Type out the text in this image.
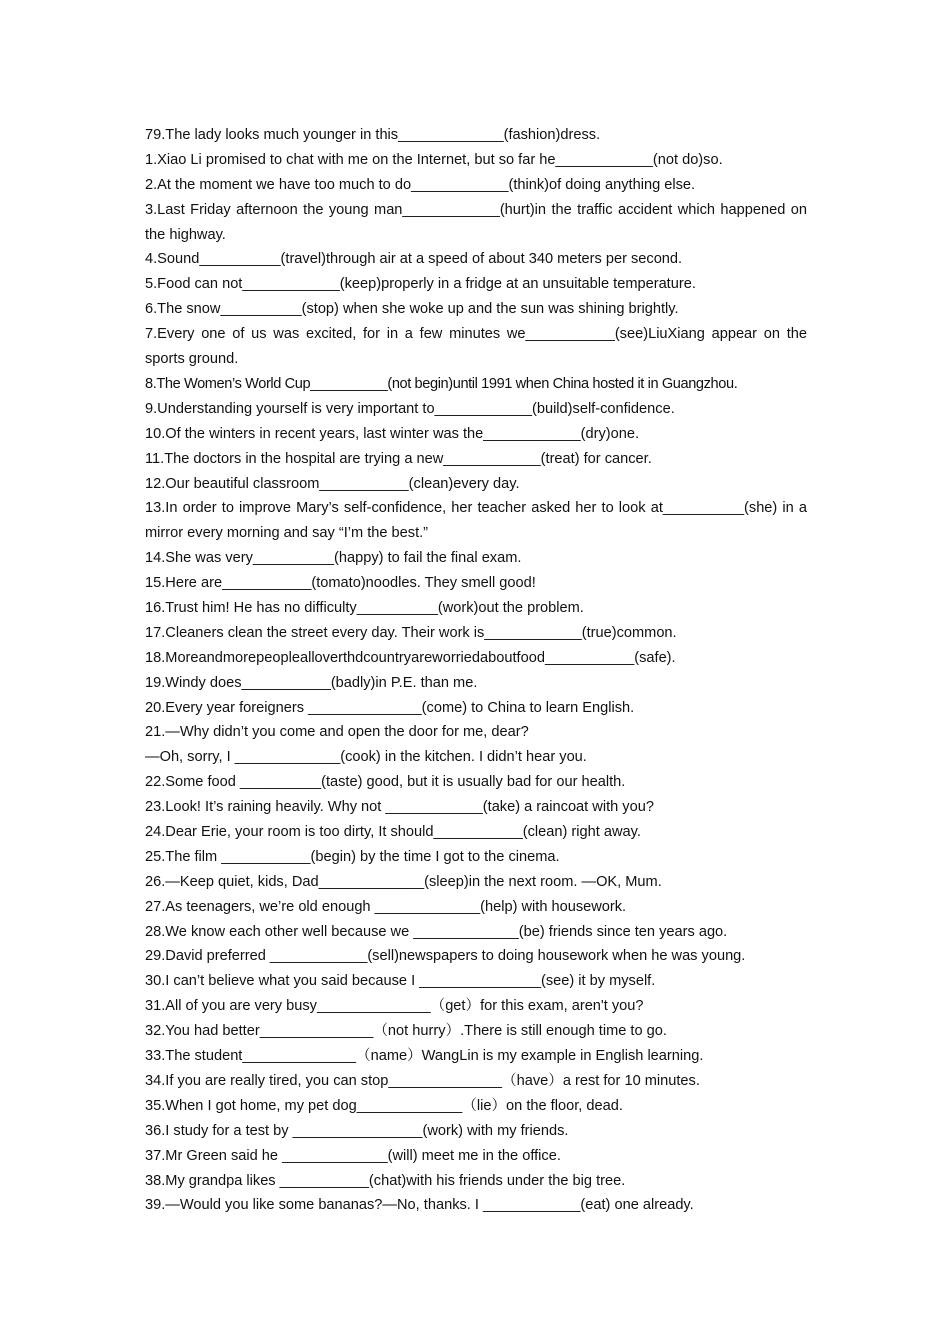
79.The lady looks much younger in this_____________(fashion)dress.
1.Xiao Li promised to chat with me on the Internet, but so far he____________(not do)so.
2.At the moment we have too much to do____________(think)of doing anything else.
3.Last Friday afternoon the young man____________(hurt)in the traffic accident which happened on the highway.
4.Sound__________(travel)through air at a speed of about 340 meters per second.
5.Food can not____________(keep)properly in a fridge at an unsuitable temperature.
6.The snow__________(stop) when she woke up and the sun was shining brightly.
7.Every one of us was excited, for in a few minutes we___________(see)LiuXiang appear on the sports ground.
8.The Women’s World Cup__________(not begin)until 1991 when China hosted it in Guangzhou.
9.Understanding yourself is very important to____________(build)self-confidence.
10.Of the winters in recent years, last winter was the____________(dry)one.
11.The doctors in the hospital are trying a new____________(treat) for cancer.
12.Our beautiful classroom___________(clean)every day.
13.In order to improve Mary’s self-confidence, her teacher asked her to look at__________(she) in a mirror every morning and say “I’m the best.”
14.She was very__________(happy) to fail the final exam.
15.Here are___________(tomato)noodles. They smell good!
16.Trust him! He has no difficulty__________(work)out the problem.
17.Cleaners clean the street every day. Their work is____________(true)common.
18.Moreandmorepeoplealloverthdcountryareworriedaboutfood___________(safe).
19.Windy does___________(badly)in P.E. than me.
20.Every year foreigners ______________(come) to China to learn English.
21.—Why didn’t you come and open the door for me, dear?
—Oh, sorry, I _____________(cook) in the kitchen. I didn’t hear you.
22.Some food __________(taste) good, but it is usually bad for our health.
23.Look! It’s raining heavily. Why not ____________(take) a raincoat with you?
24.Dear Erie, your room is too dirty, It should___________(clean) right away.
25.The film ___________(begin) by the time I got to the cinema.
26.—Keep quiet, kids, Dad_____________(sleep)in the next room. —OK, Mum.
27.As teenagers, we’re old enough _____________(help) with housework.
28.We know each other well because we _____________(be) friends since ten years ago.
29.David preferred ____________(sell)newspapers to doing housework when he was young.
30.I can’t believe what you said because I _______________(see) it by myself.
31.All of you are very busy______________（get）for this exam, aren't you?
32.You had better______________（not hurry）.There is still enough time to go.
33.The student______________（name）WangLin is my example in English learning.
34.If you are really tired, you can stop______________（have）a rest for 10 minutes.
35.When I got home, my pet dog_____________（lie）on the floor, dead.
36.I study for a test by ________________(work) with my friends.
37.Mr Green said he _____________(will) meet me in the office.
38.My grandpa likes ___________(chat)with his friends under the big tree.
39.—Would you like some bananas?—No, thanks. I ____________(eat) one already.
